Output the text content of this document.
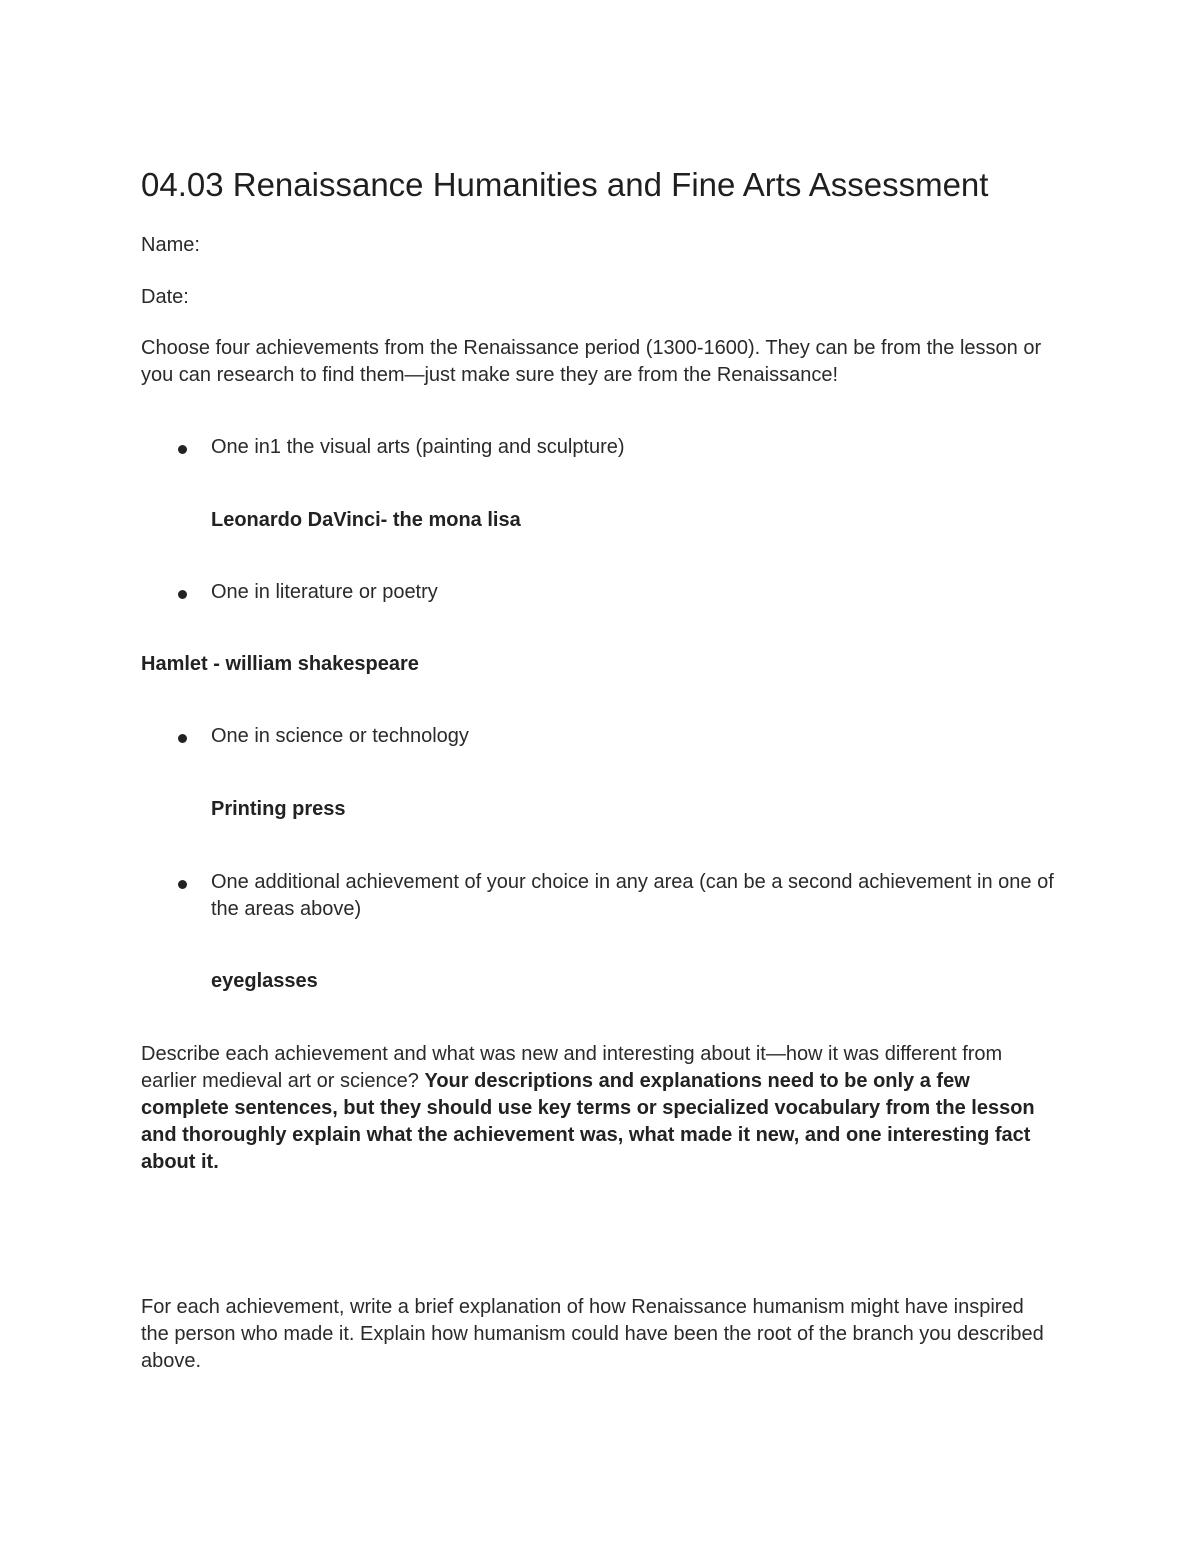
04.03 Renaissance Humanities and Fine Arts Assessment

Name:

Date:

Choose four achievements from the Renaissance period (1300-1600). They can be from the lesson or you can research to find them—just make sure they are from the Renaissance!

One in1 the visual arts (painting and sculpture)

Leonardo DaVinci- the mona lisa

One in literature or poetry

Hamlet - william shakespeare

One in science or technology

Printing press

One additional achievement of your choice in any area (can be a second achievement in one of the areas above)

eyeglasses

Describe each achievement and what was new and interesting about it—how it was different from earlier medieval art or science? Your descriptions and explanations need to be only a few complete sentences, but they should use key terms or specialized vocabulary from the lesson and thoroughly explain what the achievement was, what made it new, and one interesting fact about it.

For each achievement, write a brief explanation of how Renaissance humanism might have inspired the person who made it. Explain how humanism could have been the root of the branch you described above.
